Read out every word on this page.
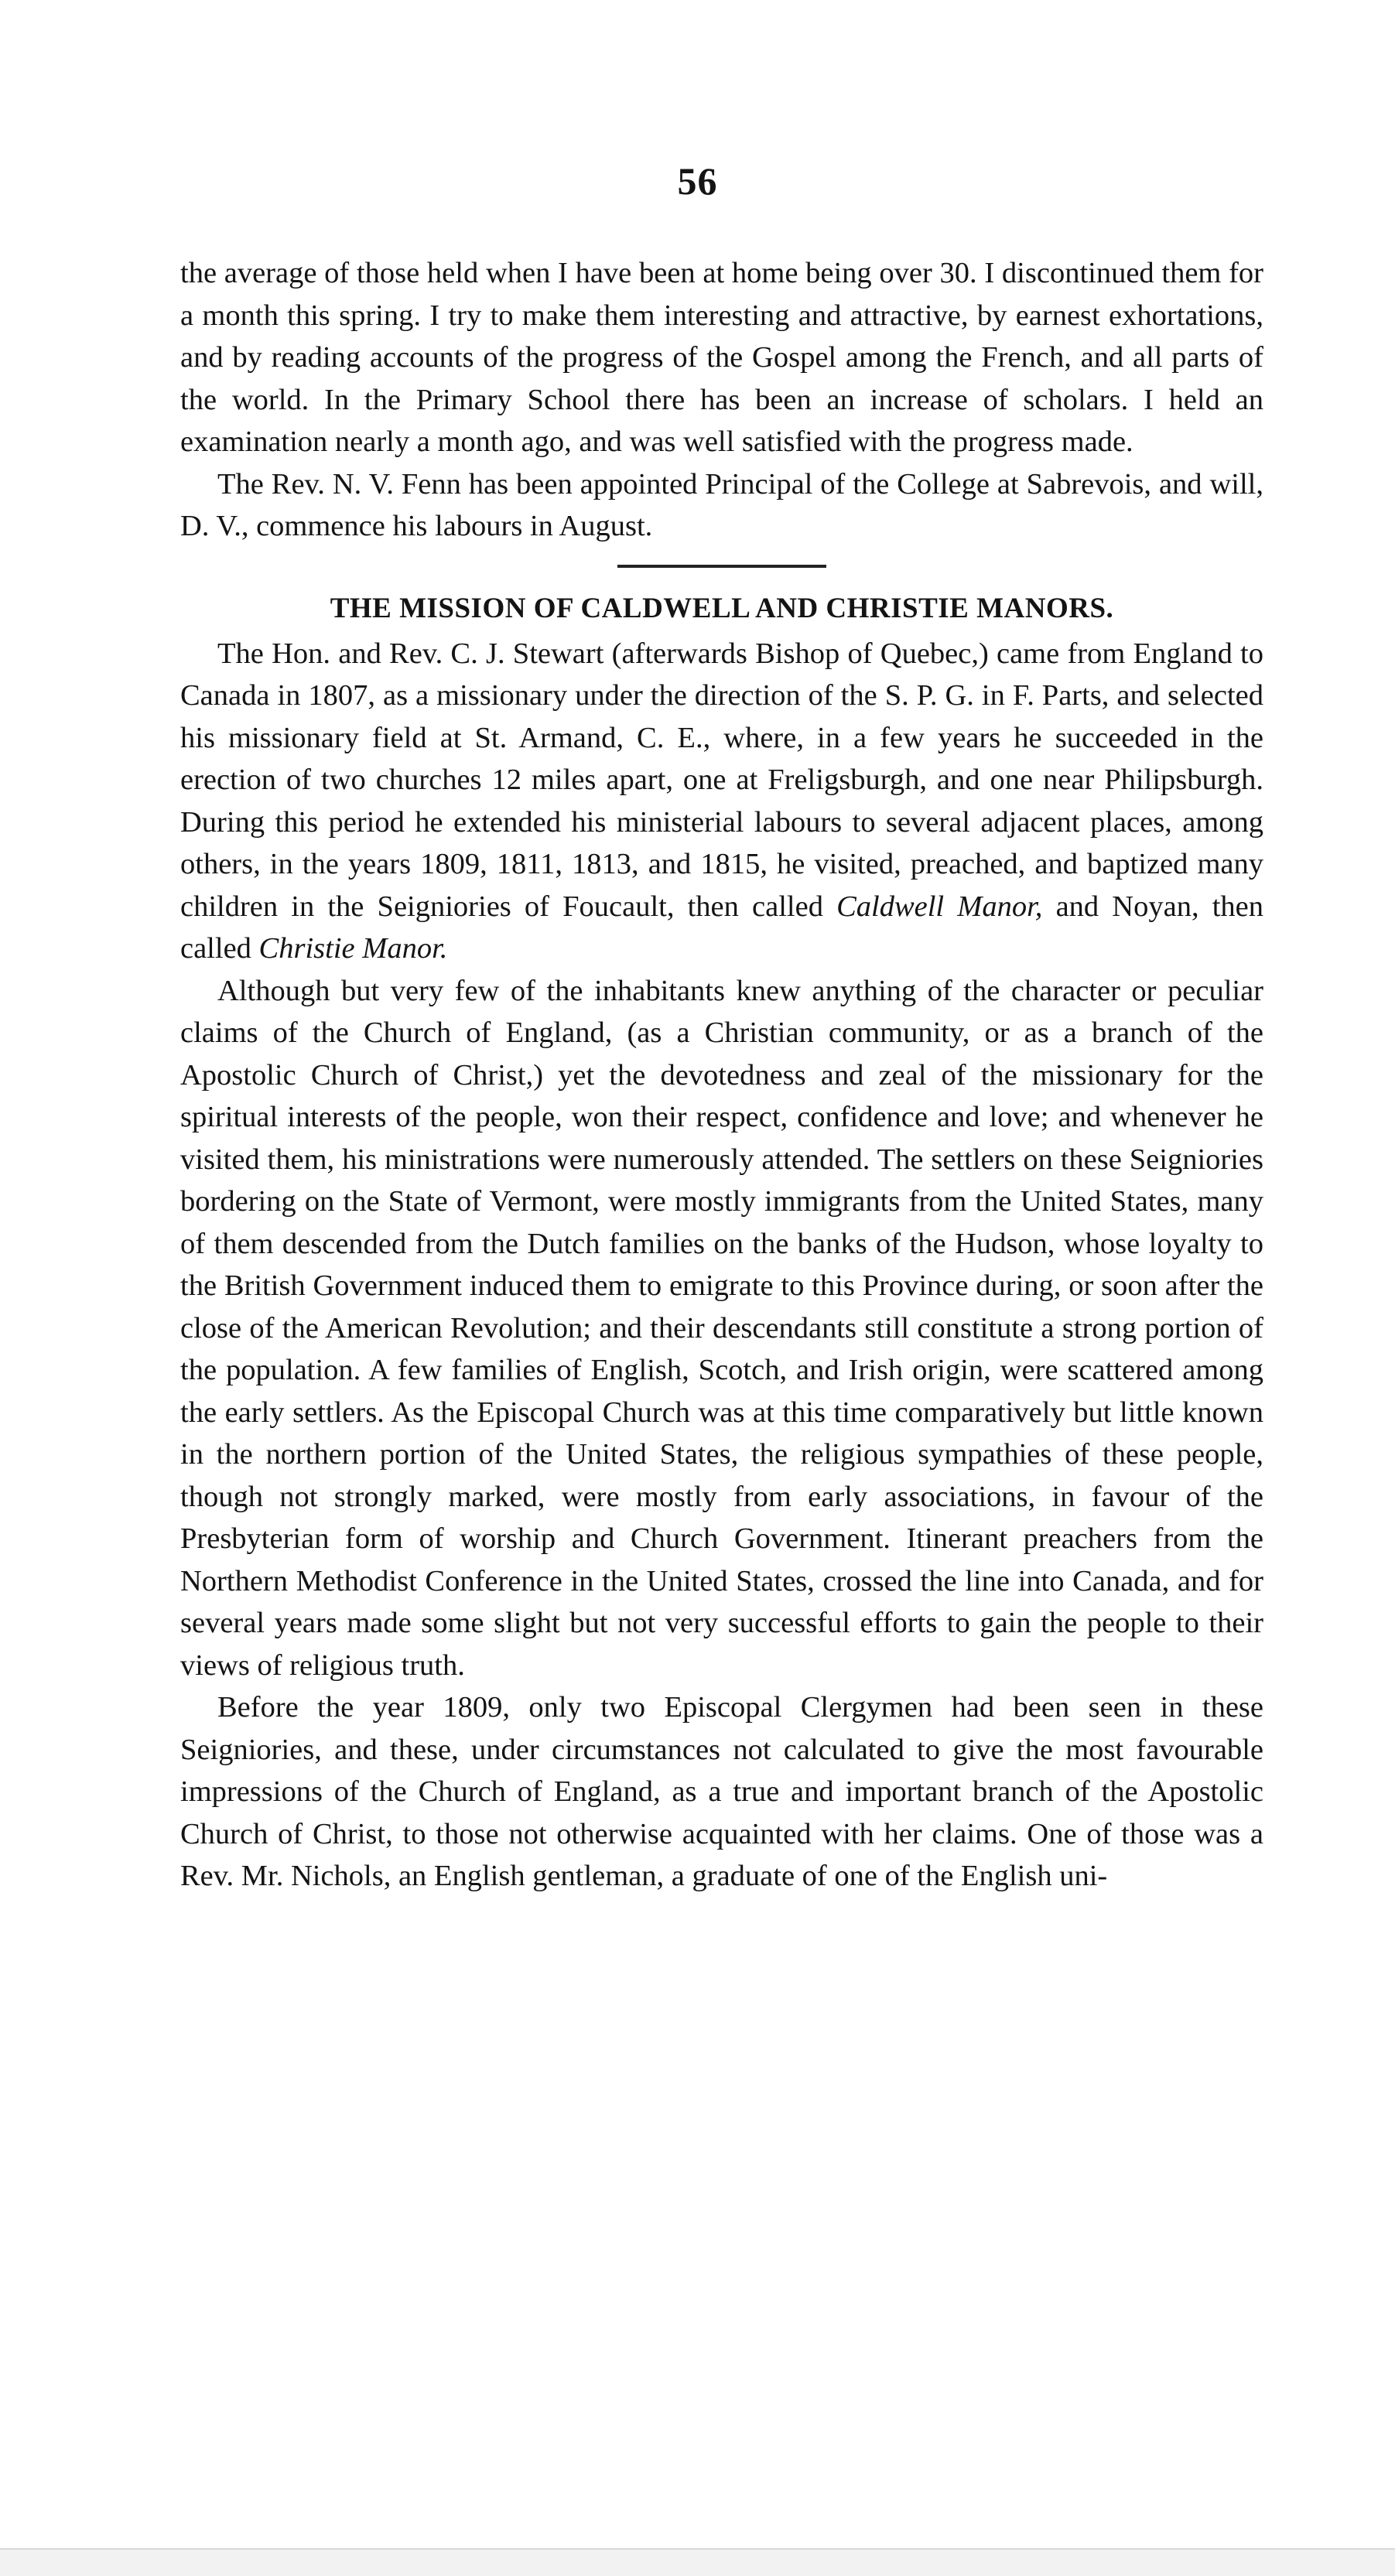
56

the average of those held when I have been at home being over 30. I discontinued them for a month this spring. I try to make them interesting and attractive, by earnest exhortations, and by reading accounts of the progress of the Gospel among the French, and all parts of the world. In the Primary School there has been an increase of scholars. I held an examination nearly a month ago, and was well satisfied with the progress made.

The Rev. N. V. Fenn has been appointed Principal of the College at Sabrevois, and will, D. V., commence his labours in August.

THE MISSION OF CALDWELL AND CHRISTIE MANORS.

The Hon. and Rev. C. J. Stewart (afterwards Bishop of Quebec,) came from England to Canada in 1807, as a missionary under the direction of the S. P. G. in F. Parts, and selected his missionary field at St. Armand, C. E., where, in a few years he succeeded in the erection of two churches 12 miles apart, one at Freligsburgh, and one near Philipsburgh. During this period he extended his ministerial labours to several adjacent places, among others, in the years 1809, 1811, 1813, and 1815, he visited, preached, and baptized many children in the Seigniories of Foucault, then called Caldwell Manor, and Noyan, then called Christie Manor.

Although but very few of the inhabitants knew anything of the character or peculiar claims of the Church of England, (as a Christian community, or as a branch of the Apostolic Church of Christ,) yet the devotedness and zeal of the missionary for the spiritual interests of the people, won their respect, confidence and love; and whenever he visited them, his ministrations were numerously attended. The settlers on these Seigniories bordering on the State of Vermont, were mostly immigrants from the United States, many of them descended from the Dutch families on the banks of the Hudson, whose loyalty to the British Government induced them to emigrate to this Province during, or soon after the close of the American Revolution; and their descendants still constitute a strong portion of the population. A few families of English, Scotch, and Irish origin, were scattered among the early settlers. As the Episcopal Church was at this time comparatively but little known in the northern portion of the United States, the religious sympathies of these people, though not strongly marked, were mostly from early associations, in favour of the Presbyterian form of worship and Church Government. Itinerant preachers from the Northern Methodist Conference in the United States, crossed the line into Canada, and for several years made some slight but not very successful efforts to gain the people to their views of religious truth.

Before the year 1809, only two Episcopal Clergymen had been seen in these Seigniories, and these, under circumstances not calculated to give the most favourable impressions of the Church of England, as a true and important branch of the Apostolic Church of Christ, to those not otherwise acquainted with her claims. One of those was a Rev. Mr. Nichols, an English gentleman, a graduate of one of the English uni-
